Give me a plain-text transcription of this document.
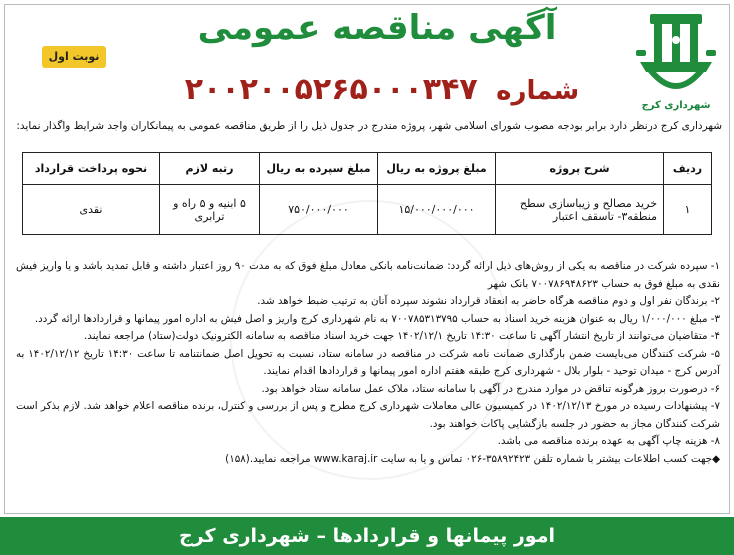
شهرداری کرج
آگهی مناقصه عمومی
شماره ۲۰۰۲۰۰۵۲۶۵۰۰۰۳۴۷
نوبت اول
شهرداری کرج درنظر دارد برابر بودجه مصوب شورای اسلامی شهر، پروژه مندرج در جدول ذیل را از طریق مناقصه عمومی به پیمانکاران واجد شرایط واگذار نماید:
ردیف	شرح پروژه	مبلغ پروژه به ریال	مبلغ سپرده به ریال	رتبه لازم	نحوه پرداخت قرارداد
۱	خرید مصالح و زیباسازی سطح منطقه۳- تاسقف اعتبار	۱۵/۰۰۰/۰۰۰/۰۰۰	۷۵۰/۰۰۰/۰۰۰	۵ ابنیه و ۵ راه و ترابری	نقدی

۱- سپرده شرکت در مناقصه به یکی از روش‌های ذیل ارائه گردد: ضمانت‌نامه بانکی معادل مبلغ فوق که به مدت ۹۰ روز اعتبار داشته و قابل تمدید باشد و یا واریز فیش نقدی به مبلغ فوق به حساب ۷۰۰۷۸۶۹۴۸۶۲۳ بانک شهر

۲- برندگان نفر اول و دوم مناقصه هرگاه حاضر به انعقاد قرارداد نشوند سپرده آنان به ترتیب ضبط خواهد شد.

۳- مبلغ ۱/۰۰۰/۰۰۰ ریال به عنوان هزینه خرید اسناد به حساب ۷۰۰۷۸۵۳۱۳۷۹۵ به نام شهرداری کرج واریز و اصل فیش به اداره امور پیمانها و قراردادها ارائه گردد.

۴- متقاضیان می‌توانند از تاریخ انتشار آگهی تا ساعت ۱۴:۳۰ تاریخ ۱۴۰۲/۱۲/۱ جهت خرید اسناد مناقصه به سامانه الکترونیک دولت(ستاد) مراجعه نمایند.

۵- شرکت کنندگان می‌بایست ضمن بارگذاری ضمانت نامه شرکت در مناقصه در سامانه ستاد، نسبت به تحویل اصل ضمانتنامه تا ساعت ۱۴:۳۰ تاریخ ۱۴۰۲/۱۲/۱۲ به آدرس کرج - میدان توحید - بلوار بلال - شهرداری کرج طبقه هفتم اداره امور پیمانها و قراردادها اقدام نمایند.

۶- درصورت بروز هرگونه تناقض در موارد مندرج در آگهی با سامانه ستاد، ملاک عمل سامانه ستاد خواهد بود.

۷- پیشنهادات رسیده در مورخ ۱۴۰۲/۱۲/۱۳ در کمیسیون عالی معاملات شهرداری کرج مطرح و پس از بررسی و کنترل، برنده مناقصه اعلام خواهد شد. لازم بذکر است شرکت کنندگان مجاز به حضور در جلسه بازگشایی پاکات خواهند بود.

۸- هزینه چاپ آگهی به عهده برنده مناقصه می باشد.

◆جهت کسب اطلاعات بیشتر با شماره تلفن ۳۵۸۹۲۴۲۳-۰۲۶ تماس و یا به سایت www.karaj.ir مراجعه نمایید.(۱۵۸)

امور پیمانها و قراردادها – شهرداری کرج
